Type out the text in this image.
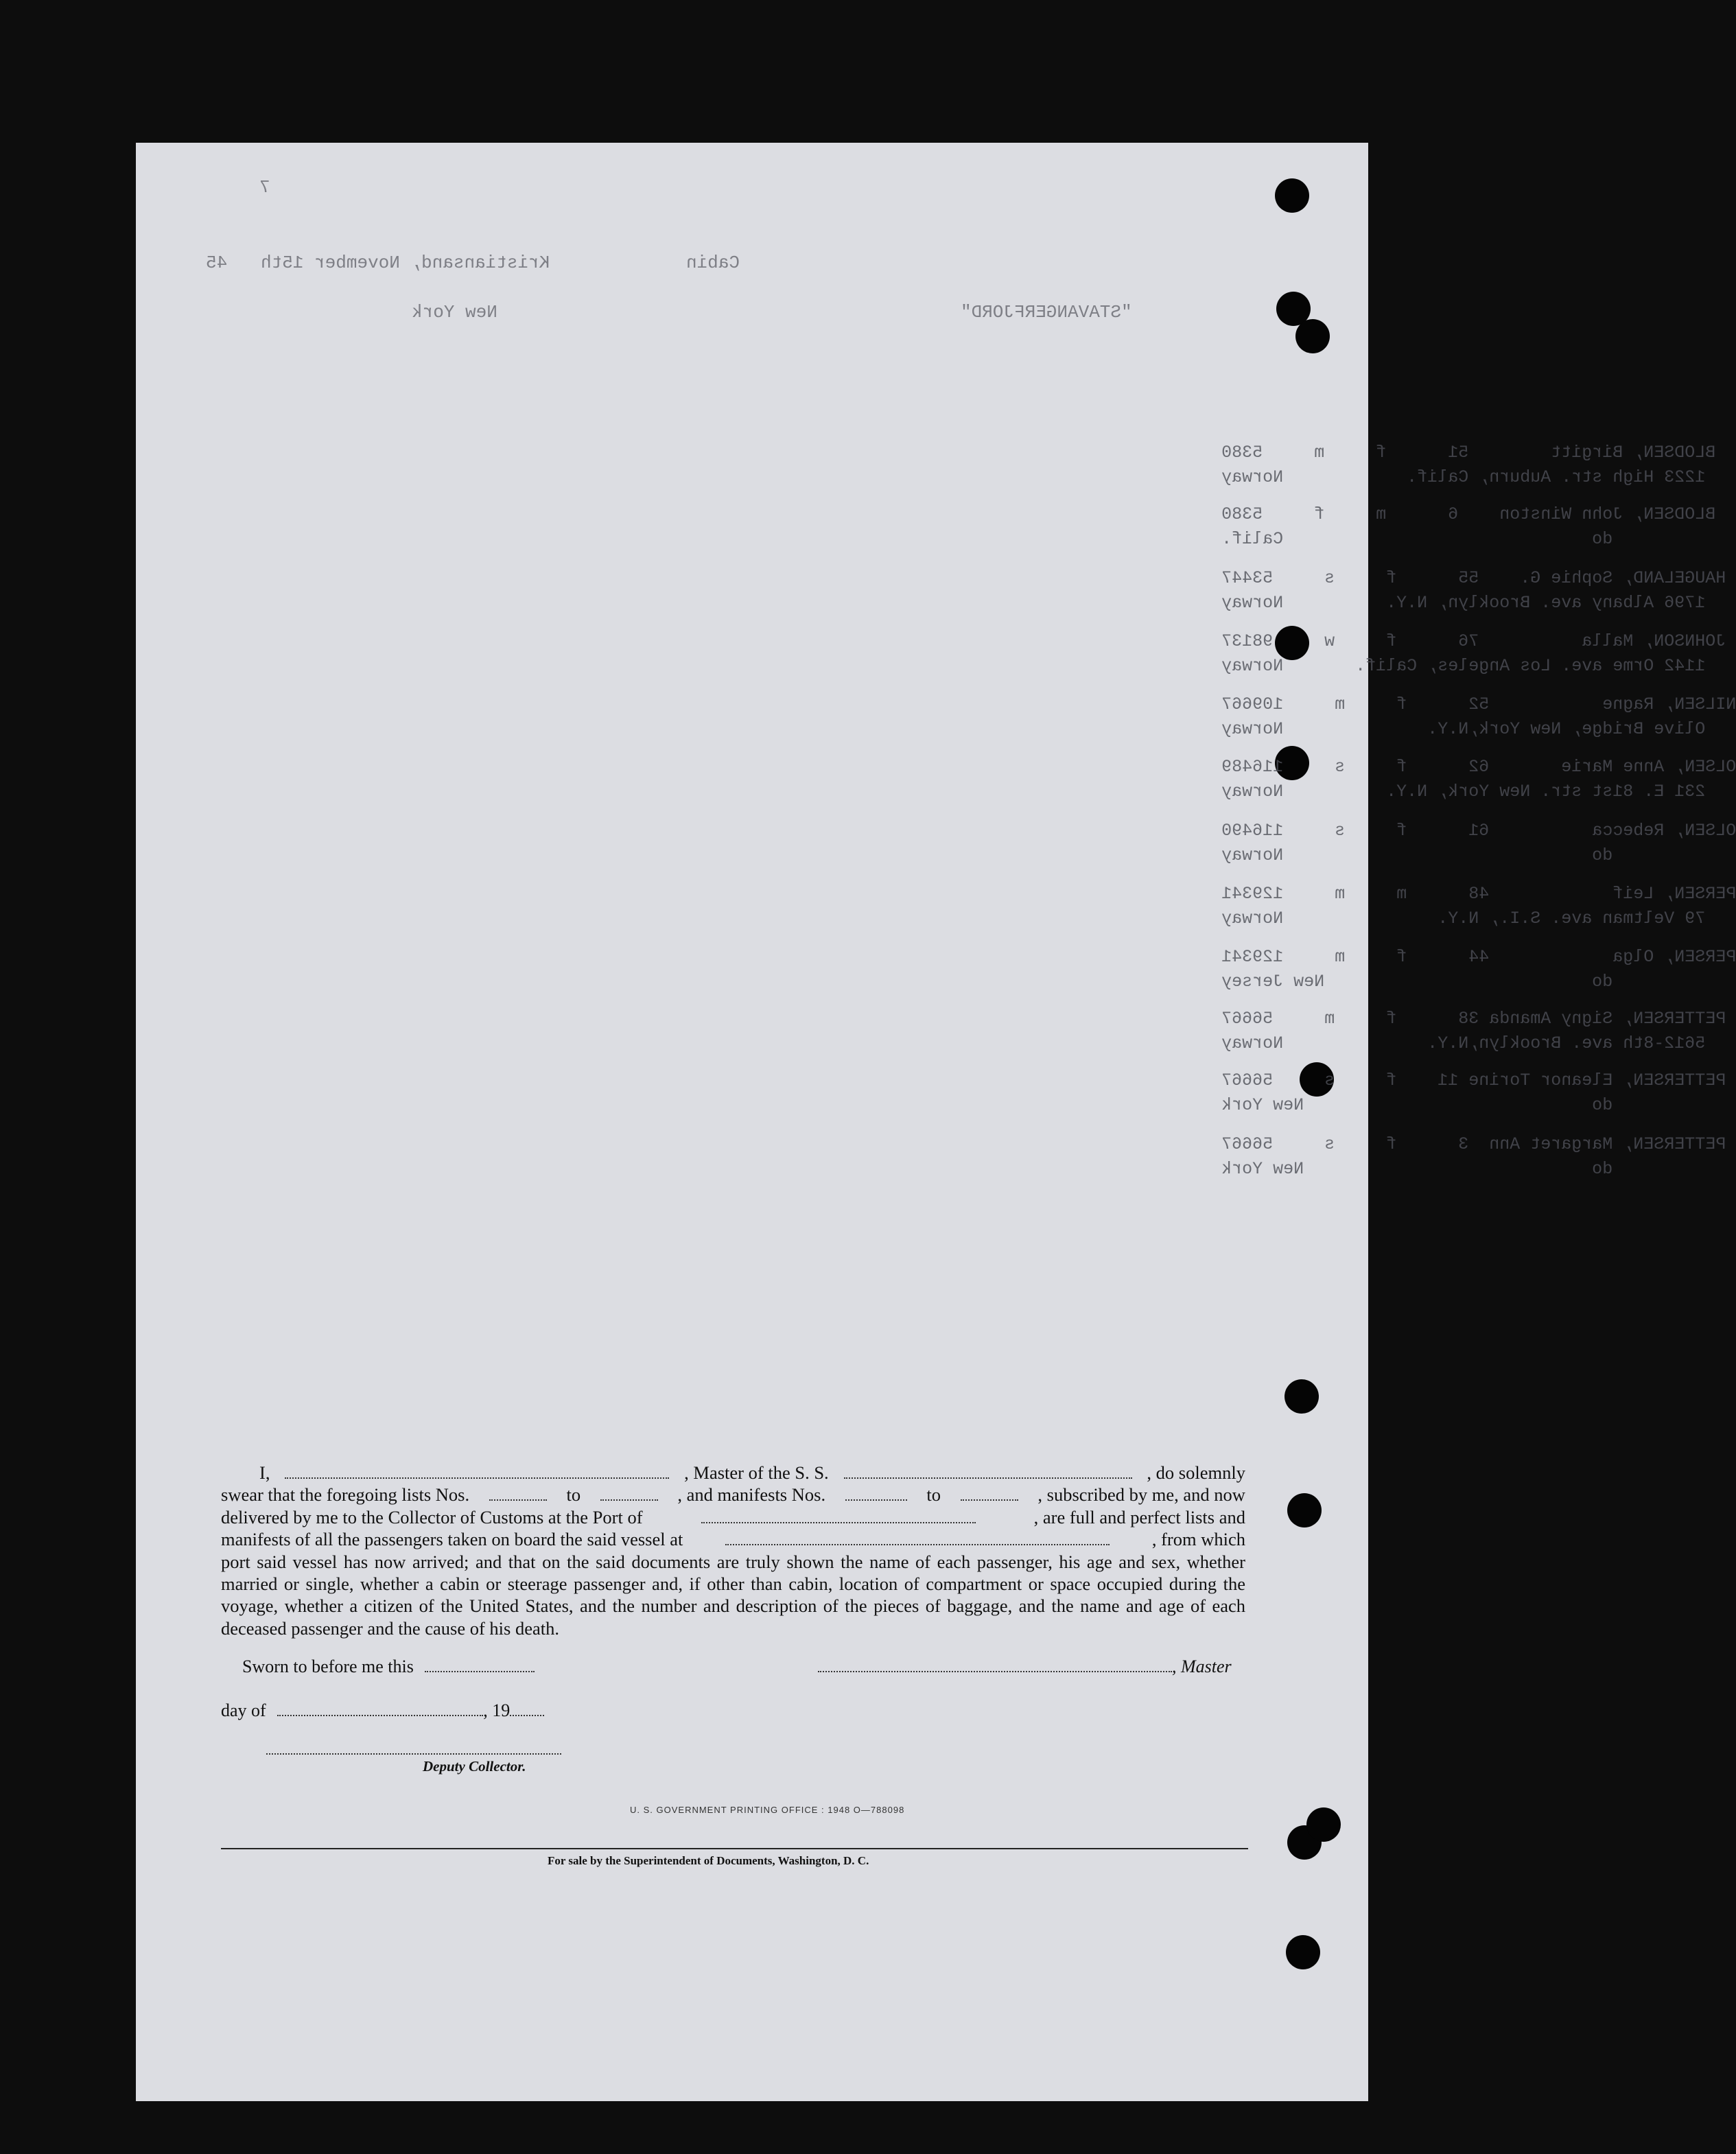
7
Kristiansand, November 15th	Cabin
45
"STAVANGERFJORD"
New York
BLODSEN, Birgitt        51      f     m     5380
1223 High str. Auburn, Calif.            Norway
BLODSEN, John Winston    6      m     f     5380
do                              Calif.
HAUGELAND, Sophie G.    55      f     s     53447
1796 Albany ave. Brooklyn, N.Y.          Norway
JOHNSON, Malla          76      f     w     98137
1142 Orme ave. Los Angeles, Calif.       Norway
NILSEN, Ragne           52      f     m     109667
Olive Bridge, New York,N.Y.              Norway
OLSEN, Anne Marie       62      f     s     116489
231 E. 81st str. New York, N.Y.          Norway
OLSEN, Rebecca          61      f     s     116490
do                              Norway
PERSEN, Leif            48      m     m     129341
79 Veltman ave. S.I., N.Y.               Norway
PERSEN, Olga            44      f     m     129341
do                          New Jersey
PETTERSEN, Signy Amanda 38      f     m     56667
5612-8th ave. Brooklyn,N.Y.              Norway
PETTERSEN, Eleanor Torine 11    f     s     56667
do                            New York
PETTERSEN, Margaret Ann  3      f     s     56667
do                            New York
I,	, Master of the S. S.	, do solemnly
swear that the foregoing lists Nos.	to	, and manifests Nos.	to	, subscribed by me, and now
delivered by me to the Collector of Customs at the Port of	, are full and perfect lists and
manifests of all the passengers taken on board the said vessel at	, from which
port said vessel has now arrived; and that on the said documents are truly shown the name of each passenger, his age and sex, whether married or single, whether a cabin or steerage passenger and, if other than cabin, location of compartment or space occupied during the voyage, whether a citizen of the United States, and the number and description of the pieces of baggage, and the name and age of each deceased passenger and the cause of his death.
Sworn to before me this	, Master
day of	, 19
Deputy Collector.
U. S. GOVERNMENT PRINTING OFFICE : 1948 O—788098
For sale by the Superintendent of Documents, Washington, D. C.
